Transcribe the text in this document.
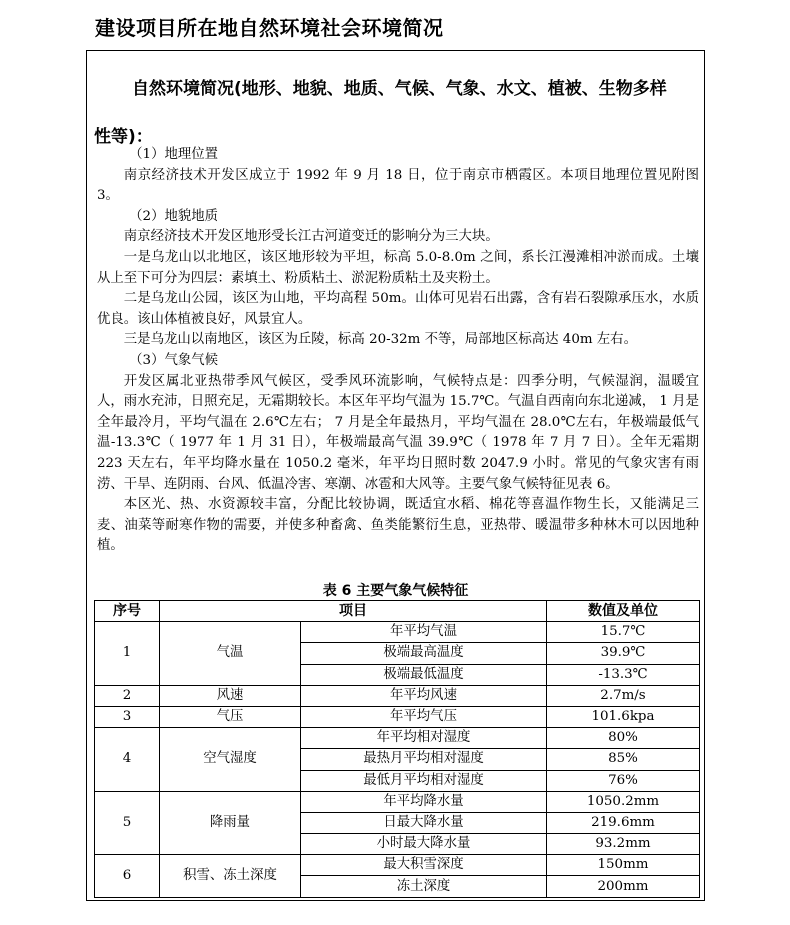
建设项目所在地自然环境社会环境简况
自然环境简况(地形、地貌、地质、气候、气象、水文、植被、生物多样
性等)：

（1）地理位置

南京经济技术开发区成立于 1992 年 9 月 18 日，位于南京市栖霞区。本项目地理位置见附图 3。

（2）地貌地质

南京经济技术开发区地形受长江古河道变迁的影响分为三大块。

一是乌龙山以北地区，该区地形较为平坦，标高 5.0-8.0m 之间，系长江漫滩相冲淤而成。土壤从上至下可分为四层：素填土、粉质粘土、淤泥粉质粘土及夹粉土。

二是乌龙山公园，该区为山地，平均高程 50m。山体可见岩石出露，含有岩石裂隙承压水，水质优良。该山体植被良好，风景宜人。

三是乌龙山以南地区，该区为丘陵，标高 20-32m 不等，局部地区标高达 40m 左右。

（3）气象气候

开发区属北亚热带季风气候区，受季风环流影响，气候特点是：四季分明，气候湿润，温暖宜人，雨水充沛，日照充足，无霜期较长。本区年平均气温为 15.7℃。气温自西南向东北递减， 1 月是全年最冷月，平均气温在 2.6℃左右； 7 月是全年最热月，平均气温在 28.0℃左右，年极端最低气温-13.3℃（ 1977 年 1 月 31 日），年极端最高气温 39.9℃（ 1978 年 7 月 7 日）。全年无霜期 223 天左右，年平均降水量在 1050.2 毫米，年平均日照时数 2047.9 小时。常见的气象灾害有雨涝、干旱、连阴雨、台风、低温冷害、寒潮、冰雹和大风等。主要气象气候特征见表 6。

本区光、热、水资源较丰富，分配比较协调，既适宜水稻、棉花等喜温作物生长，又能满足三麦、油菜等耐寒作物的需要，并使多种畜禽、鱼类能繁衍生息，亚热带、暖温带多种林木可以因地种植。

表 6 主要气象气候特征
序号	项目		数值及单位
1	气温	年平均气温	15.7℃
		极端最高温度	39.9℃
		极端最低温度	-13.3℃
2	风速	年平均风速	2.7m/s
3	气压	年平均气压	101.6kpa
4	空气湿度	年平均相对湿度	80%
		最热月平均相对湿度	85%
		最低月平均相对湿度	76%
5	降雨量	年平均降水量	1050.2mm
		日最大降水量	219.6mm
		小时最大降水量	93.2mm
6	积雪、冻土深度	最大积雪深度	150mm
		冻土深度	200mm
